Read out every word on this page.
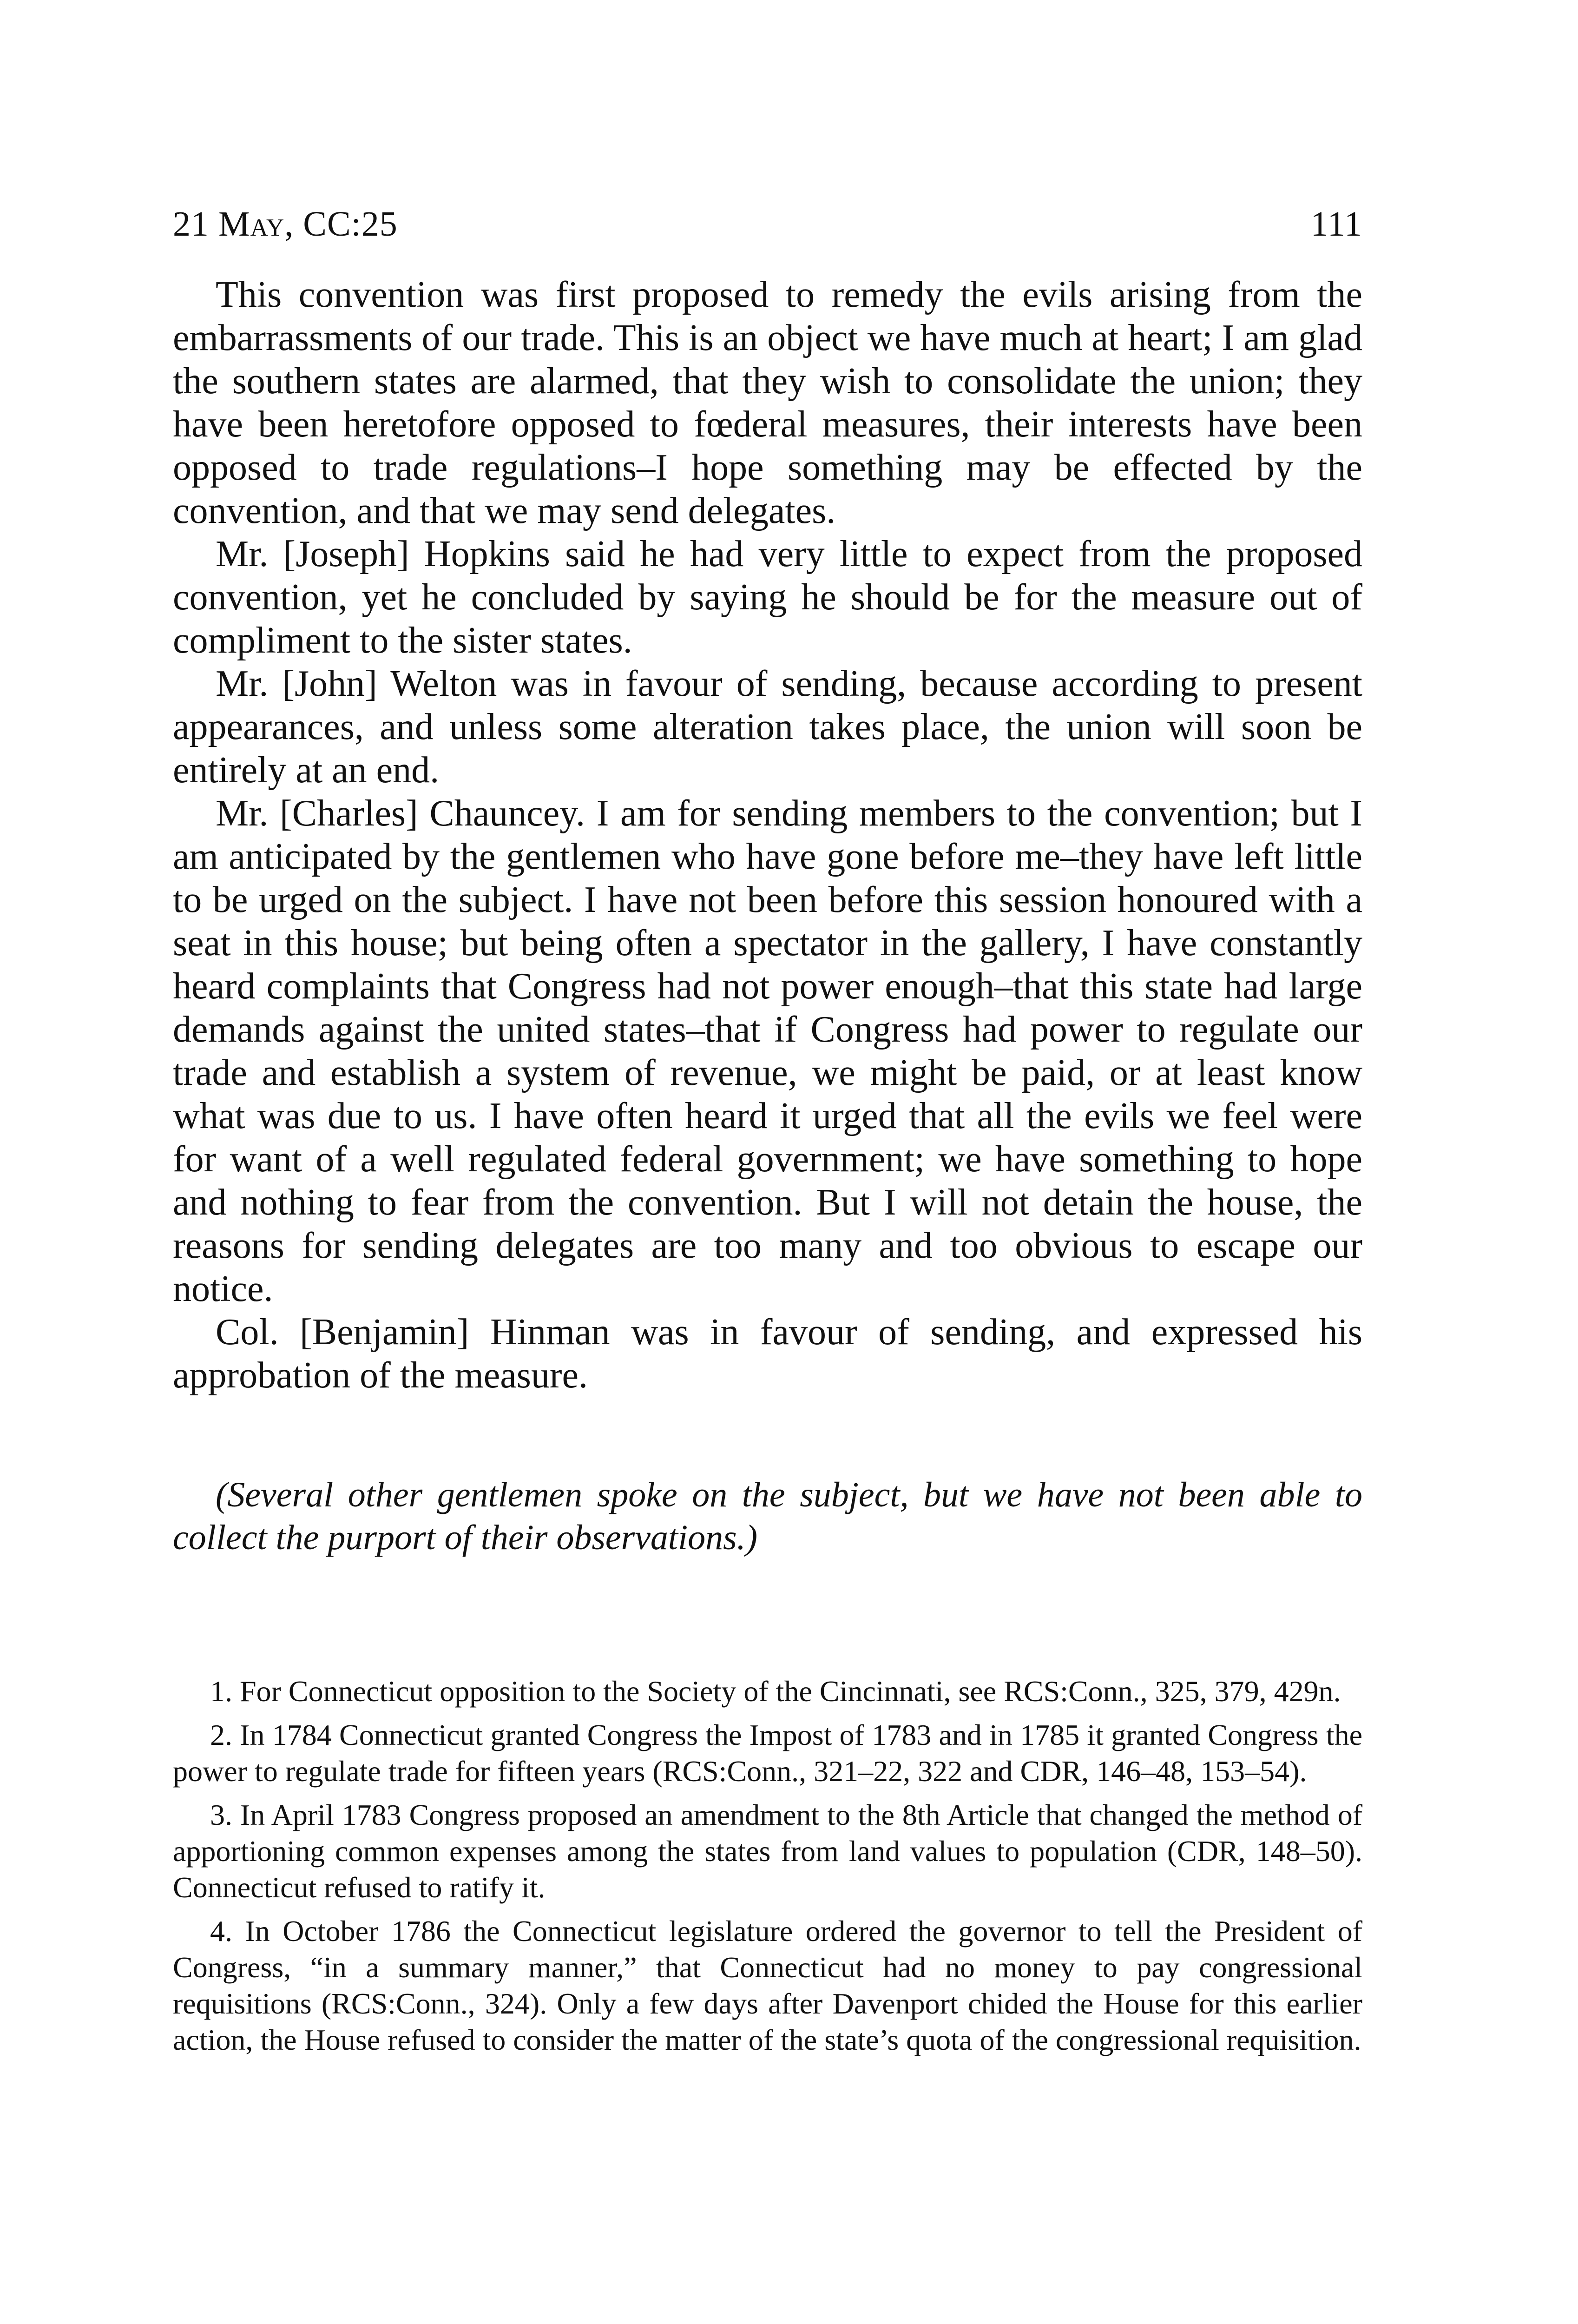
21 May, CC:25	111

This convention was first proposed to remedy the evils arising from the embarrassments of our trade. This is an object we have much at heart; I am glad the southern states are alarmed, that they wish to consolidate the union; they have been heretofore opposed to fœderal measures, their interests have been opposed to trade regulations–I hope something may be effected by the convention, and that we may send delegates.

Mr. [Joseph] Hopkins said he had very little to expect from the proposed convention, yet he concluded by saying he should be for the measure out of compliment to the sister states.

Mr. [John] Welton was in favour of sending, because according to present appearances, and unless some alteration takes place, the union will soon be entirely at an end.

Mr. [Charles] Chauncey. I am for sending members to the convention; but I am anticipated by the gentlemen who have gone before me–they have left little to be urged on the subject. I have not been before this session honoured with a seat in this house; but being often a spectator in the gallery, I have constantly heard complaints that Congress had not power enough–that this state had large demands against the united states–that if Congress had power to regulate our trade and establish a system of revenue, we might be paid, or at least know what was due to us. I have often heard it urged that all the evils we feel were for want of a well regulated federal government; we have something to hope and nothing to fear from the convention. But I will not detain the house, the reasons for sending delegates are too many and too obvious to escape our notice.

Col. [Benjamin] Hinman was in favour of sending, and expressed his approbation of the measure.

(Several other gentlemen spoke on the subject, but we have not been able to collect the purport of their observations.)

1. For Connecticut opposition to the Society of the Cincinnati, see RCS:Conn., 325, 379, 429n.

2. In 1784 Connecticut granted Congress the Impost of 1783 and in 1785 it granted Congress the power to regulate trade for fifteen years (RCS:Conn., 321–22, 322 and CDR, 146–48, 153–54).

3. In April 1783 Congress proposed an amendment to the 8th Article that changed the method of apportioning common expenses among the states from land values to population (CDR, 148–50). Connecticut refused to ratify it.

4. In October 1786 the Connecticut legislature ordered the governor to tell the President of Congress, “in a summary manner,” that Connecticut had no money to pay congressional requisitions (RCS:Conn., 324). Only a few days after Davenport chided the House for this earlier action, the House refused to consider the matter of the state’s quota of the congressional requisition.
